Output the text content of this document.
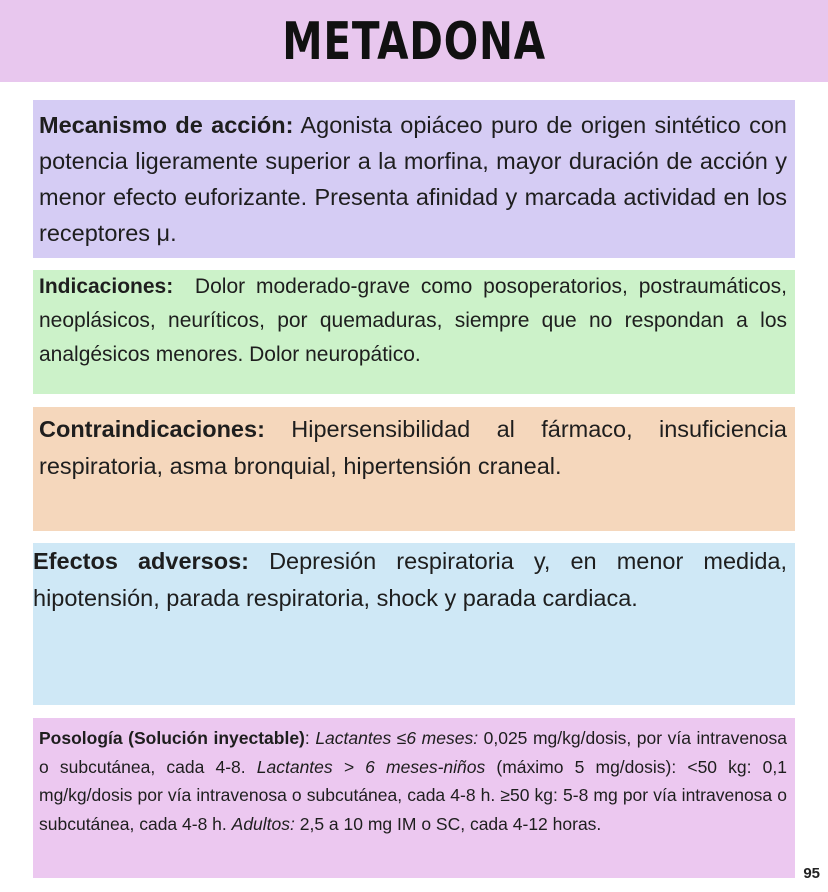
METADONA
Mecanismo de acción: Agonista opiáceo puro de origen sintético con potencia ligeramente superior a la morfina, mayor duración de acción y menor efecto euforizante. Presenta afinidad y marcada actividad en los receptores μ.
Indicaciones:  Dolor moderado-grave como posoperatorios, postraumáticos, neoplásicos, neuríticos, por quemaduras, siempre que no respondan a los analgésicos menores. Dolor neuropático.
Contraindicaciones: Hipersensibilidad al fármaco, insuficiencia respiratoria, asma bronquial, hipertensión craneal.
Efectos adversos: Depresión respiratoria y, en menor medida, hipotensión, parada respiratoria, shock y parada cardiaca.
Posología (Solución inyectable): Lactantes ≤6 meses: 0,025 mg/kg/dosis, por vía intravenosa o subcutánea, cada 4-8. Lactantes > 6 meses-niños (máximo 5 mg/dosis): <50 kg: 0,1 mg/kg/dosis por vía intravenosa o subcutánea, cada 4-8 h. ≥50 kg: 5-8 mg por vía intravenosa o subcutánea, cada 4-8 h. Adultos: 2,5 a 10 mg IM o SC, cada 4-12 horas.
95
